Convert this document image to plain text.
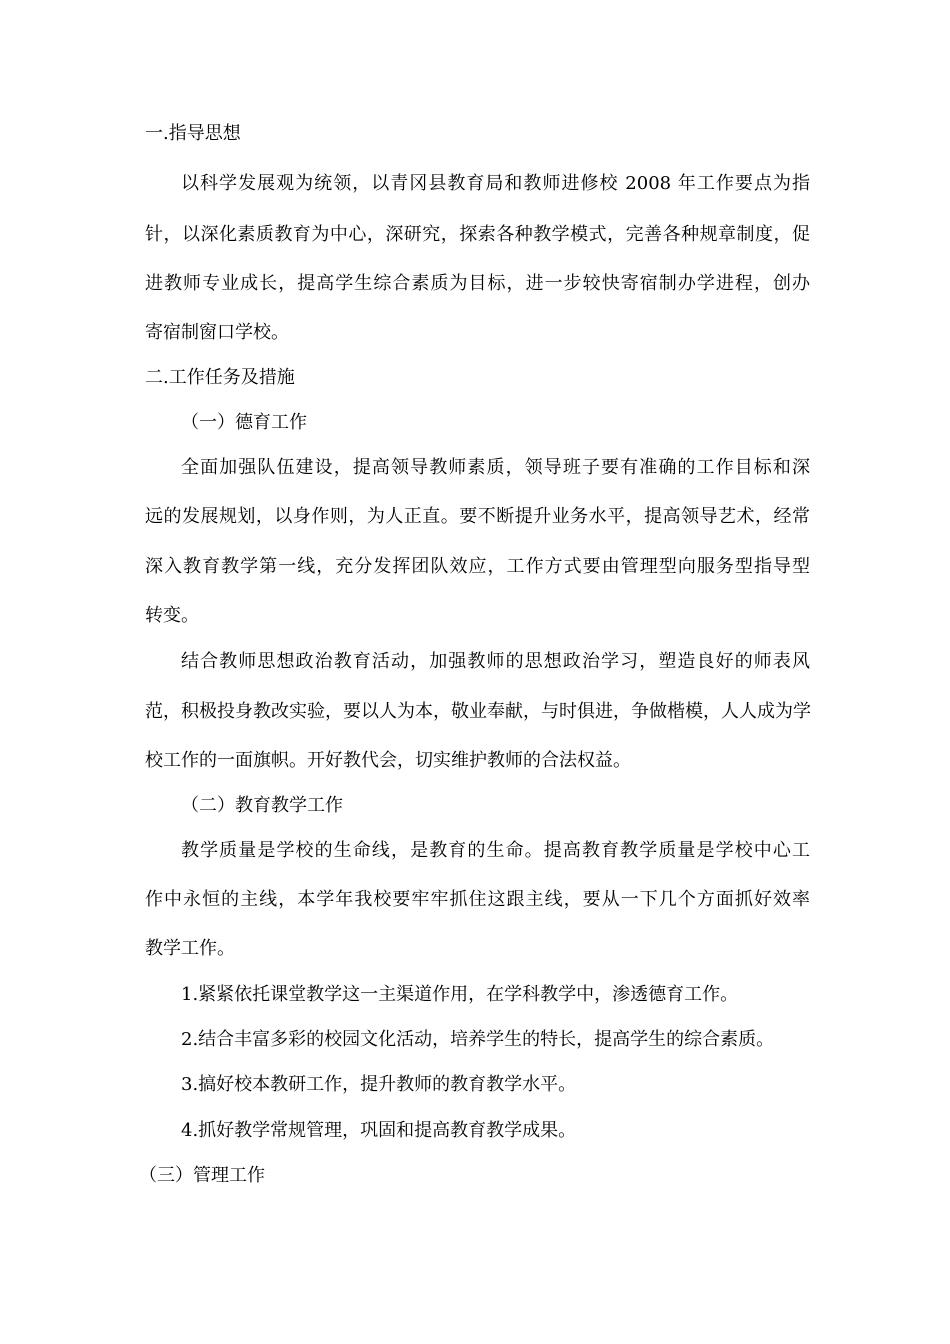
一.指导思想

以科学发展观为统领，以青冈县教育局和教师进修校 2008 年工作要点为指

针，以深化素质教育为中心，深研究，探索各种教学模式，完善各种规章制度，促

进教师专业成长，提高学生综合素质为目标，进一步较快寄宿制办学进程，创办

寄宿制窗口学校。

二.工作任务及措施

（一）德育工作

全面加强队伍建设，提高领导教师素质，领导班子要有准确的工作目标和深

远的发展规划，以身作则，为人正直。要不断提升业务水平，提高领导艺术，经常

深入教育教学第一线，充分发挥团队效应，工作方式要由管理型向服务型指导型

转变。

结合教师思想政治教育活动，加强教师的思想政治学习，塑造良好的师表风

范，积极投身教改实验，要以人为本，敬业奉献，与时俱进，争做楷模，人人成为学

校工作的一面旗帜。开好教代会，切实维护教师的合法权益。

（二）教育教学工作

教学质量是学校的生命线，是教育的生命。提高教育教学质量是学校中心工

作中永恒的主线，本学年我校要牢牢抓住这跟主线，要从一下几个方面抓好效率

教学工作。

1.紧紧依托课堂教学这一主渠道作用，在学科教学中，渗透德育工作。

2.结合丰富多彩的校园文化活动，培养学生的特长，提高学生的综合素质。

3.搞好校本教研工作，提升教师的教育教学水平。

4.抓好教学常规管理，巩固和提高教育教学成果。

（三）管理工作
